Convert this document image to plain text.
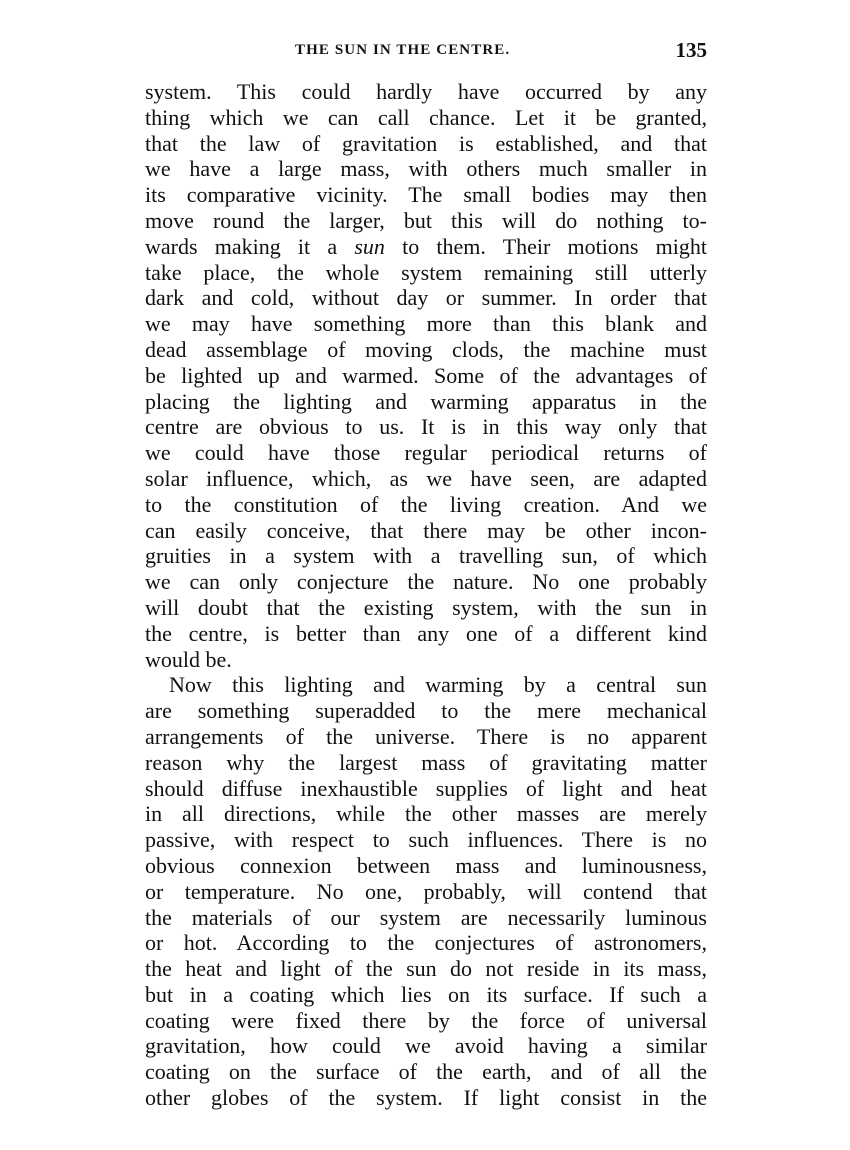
THE SUN IN THE CENTRE.	135
system. This could hardly have occurred by any
thing which we can call chance. Let it be granted,
that the law of gravitation is established, and that
we have a large mass, with others much smaller in
its comparative vicinity. The small bodies may then
move round the larger, but this will do nothing to-
wards making it a sun to them. Their motions might
take place, the whole system remaining still utterly
dark and cold, without day or summer. In order that
we may have something more than this blank and
dead assemblage of moving clods, the machine must
be lighted up and warmed. Some of the advantages of
placing the lighting and warming apparatus in the
centre are obvious to us. It is in this way only that
we could have those regular periodical returns of
solar influence, which, as we have seen, are adapted
to the constitution of the living creation. And we
can easily conceive, that there may be other incon-
gruities in a system with a travelling sun, of which
we can only conjecture the nature. No one probably
will doubt that the existing system, with the sun in
the centre, is better than any one of a different kind
would be.
Now this lighting and warming by a central sun
are something superadded to the mere mechanical
arrangements of the universe. There is no apparent
reason why the largest mass of gravitating matter
should diffuse inexhaustible supplies of light and heat
in all directions, while the other masses are merely
passive, with respect to such influences. There is no
obvious connexion between mass and luminousness,
or temperature. No one, probably, will contend that
the materials of our system are necessarily luminous
or hot. According to the conjectures of astronomers,
the heat and light of the sun do not reside in its mass,
but in a coating which lies on its surface. If such a
coating were fixed there by the force of universal
gravitation, how could we avoid having a similar
coating on the surface of the earth, and of all the
other globes of the system. If light consist in the
